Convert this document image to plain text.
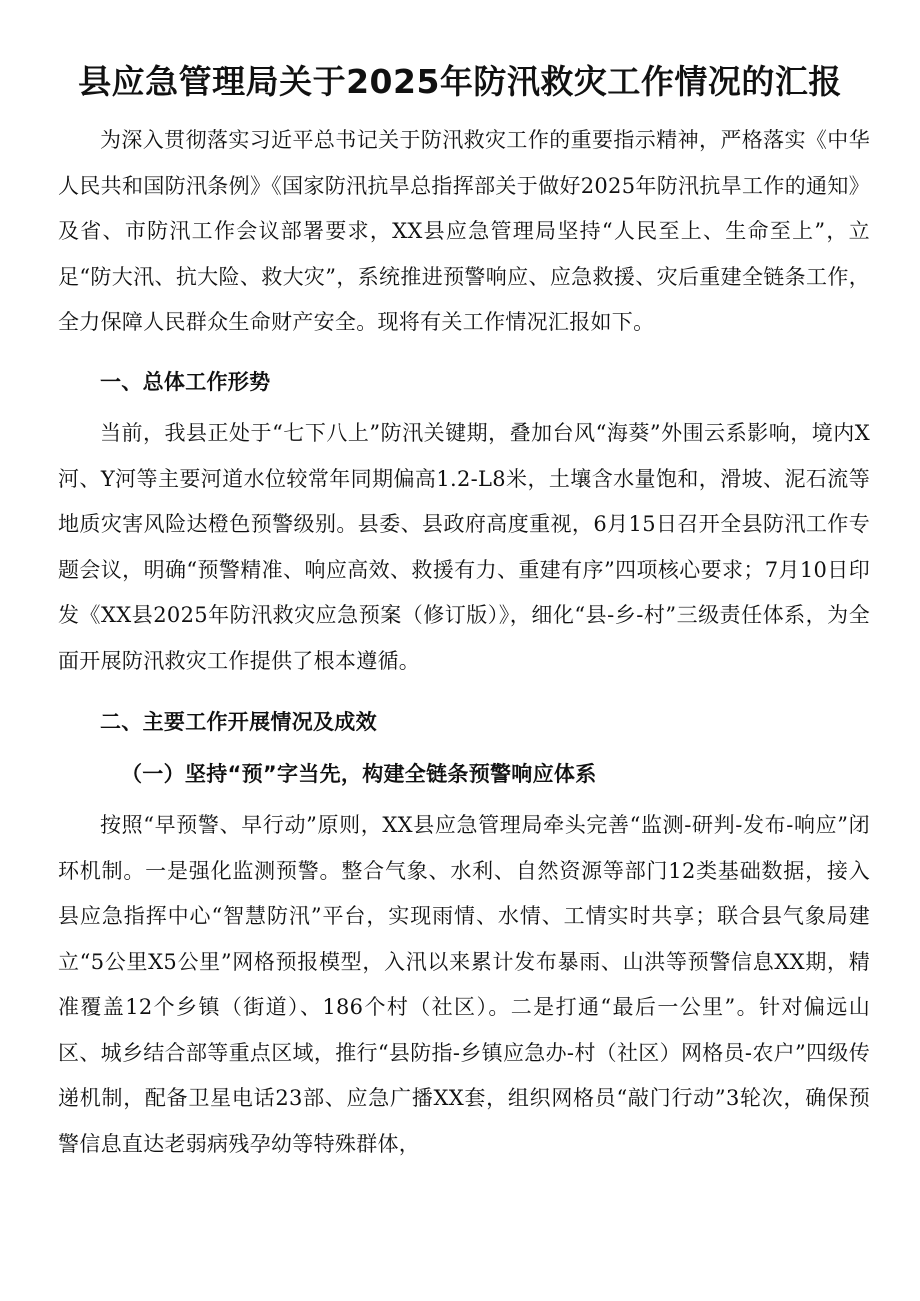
县应急管理局关于2025年防汛救灾工作情况的汇报

为深入贯彻落实习近平总书记关于防汛救灾工作的重要指示精神，严格落实《中华人民共和国防汛条例》《国家防汛抗旱总指挥部关于做好2025年防汛抗旱工作的通知》及省、市防汛工作会议部署要求，XX县应急管理局坚持“人民至上、生命至上”，立足“防大汛、抗大险、救大灾”，系统推进预警响应、应急救援、灾后重建全链条工作，全力保障人民群众生命财产安全。现将有关工作情况汇报如下。

一、总体工作形势

当前，我县正处于“七下八上”防汛关键期，叠加台风“海葵”外围云系影响，境内X河、Y河等主要河道水位较常年同期偏高1.2-L8米，土壤含水量饱和，滑坡、泥石流等地质灾害风险达橙色预警级别。县委、县政府高度重视，6月15日召开全县防汛工作专题会议，明确“预警精准、响应高效、救援有力、重建有序”四项核心要求；7月10日印发《XX县2025年防汛救灾应急预案（修订版）》，细化“县-乡-村”三级责任体系，为全面开展防汛救灾工作提供了根本遵循。

二、主要工作开展情况及成效
（一）坚持“预”字当先，构建全链条预警响应体系

按照“早预警、早行动”原则，XX县应急管理局牵头完善“监测-研判-发布-响应”闭环机制。一是强化监测预警。整合气象、水利、自然资源等部门12类基础数据，接入县应急指挥中心“智慧防汛”平台，实现雨情、水情、工情实时共享；联合县气象局建立“5公里X5公里”网格预报模型，入汛以来累计发布暴雨、山洪等预警信息XX期，精准覆盖12个乡镇（街道）、186个村（社区）。二是打通“最后一公里”。针对偏远山区、城乡结合部等重点区域，推行“县防指-乡镇应急办-村（社区）网格员-农户”四级传递机制，配备卫星电话23部、应急广播XX套，组织网格员“敲门行动”3轮次，确保预警信息直达老弱病残孕幼等特殊群体，
